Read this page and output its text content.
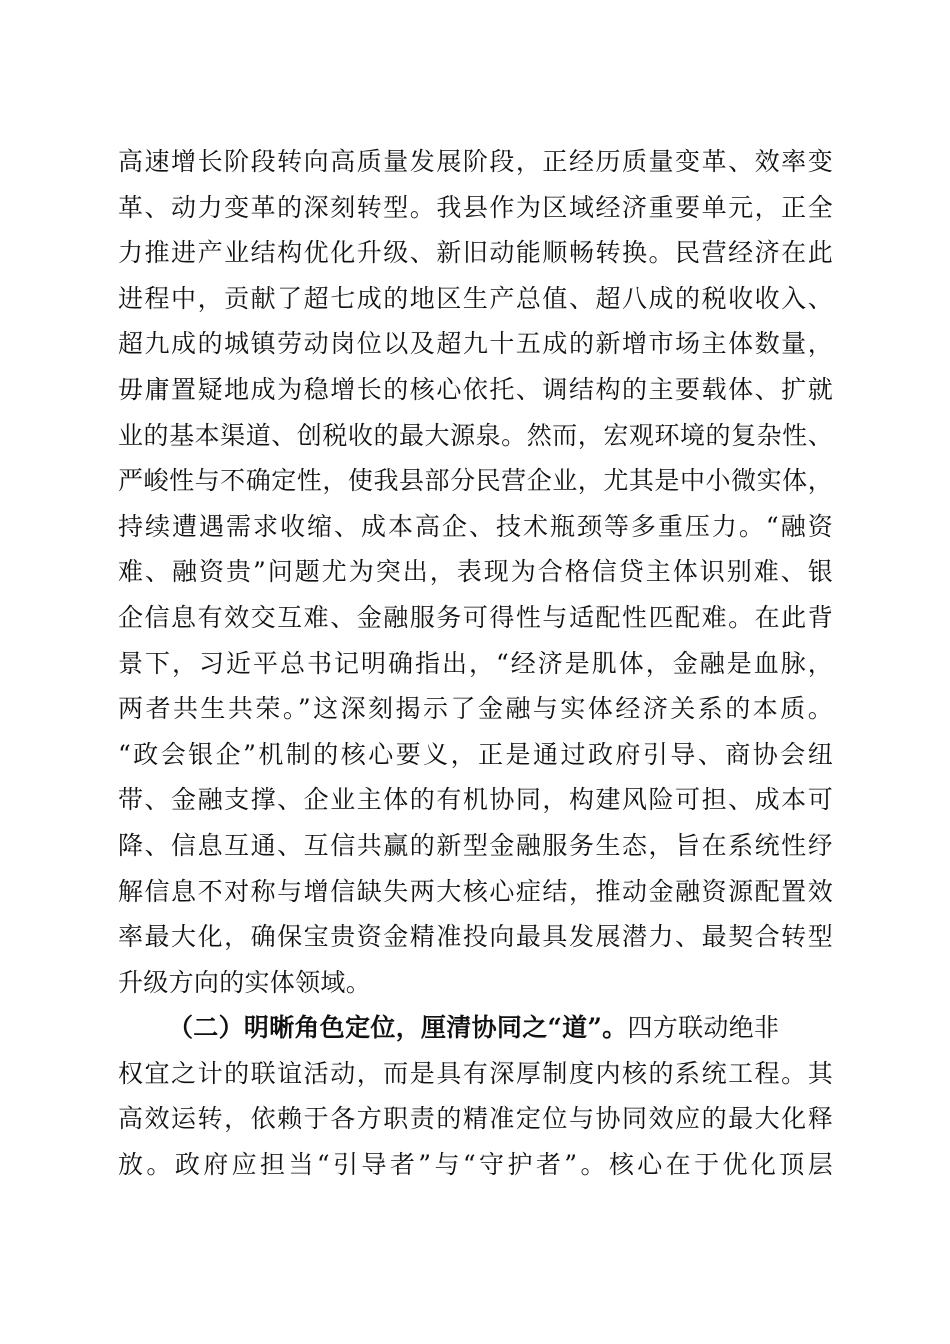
高速增长阶段转向高质量发展阶段，正经历质量变革、效率变
革、动力变革的深刻转型。我县作为区域经济重要单元，正全
力推进产业结构优化升级、新旧动能顺畅转换。民营经济在此
进程中，贡献了超七成的地区生产总值、超八成的税收收入、
超九成的城镇劳动岗位以及超九十五成的新增市场主体数量，
毋庸置疑地成为稳增长的核心依托、调结构的主要载体、扩就
业的基本渠道、创税收的最大源泉。然而，宏观环境的复杂性、
严峻性与不确定性，使我县部分民营企业，尤其是中小微实体，
持续遭遇需求收缩、成本高企、技术瓶颈等多重压力。“融资
难、融资贵”问题尤为突出，表现为合格信贷主体识别难、银
企信息有效交互难、金融服务可得性与适配性匹配难。在此背
景下，习近平总书记明确指出，“经济是肌体，金融是血脉，
两者共生共荣。”这深刻揭示了金融与实体经济关系的本质。
“政会银企”机制的核心要义，正是通过政府引导、商协会纽
带、金融支撑、企业主体的有机协同，构建风险可担、成本可
降、信息互通、互信共赢的新型金融服务生态，旨在系统性纾
解信息不对称与增信缺失两大核心症结，推动金融资源配置效
率最大化，确保宝贵资金精准投向最具发展潜力、最契合转型
升级方向的实体领域。
（二）明晰角色定位，厘清协同之“道”。四方联动绝非
权宜之计的联谊活动，而是具有深厚制度内核的系统工程。其
高效运转，依赖于各方职责的精准定位与协同效应的最大化释
放。政府应担当“引导者”与“守护者”。核心在于优化顶层
